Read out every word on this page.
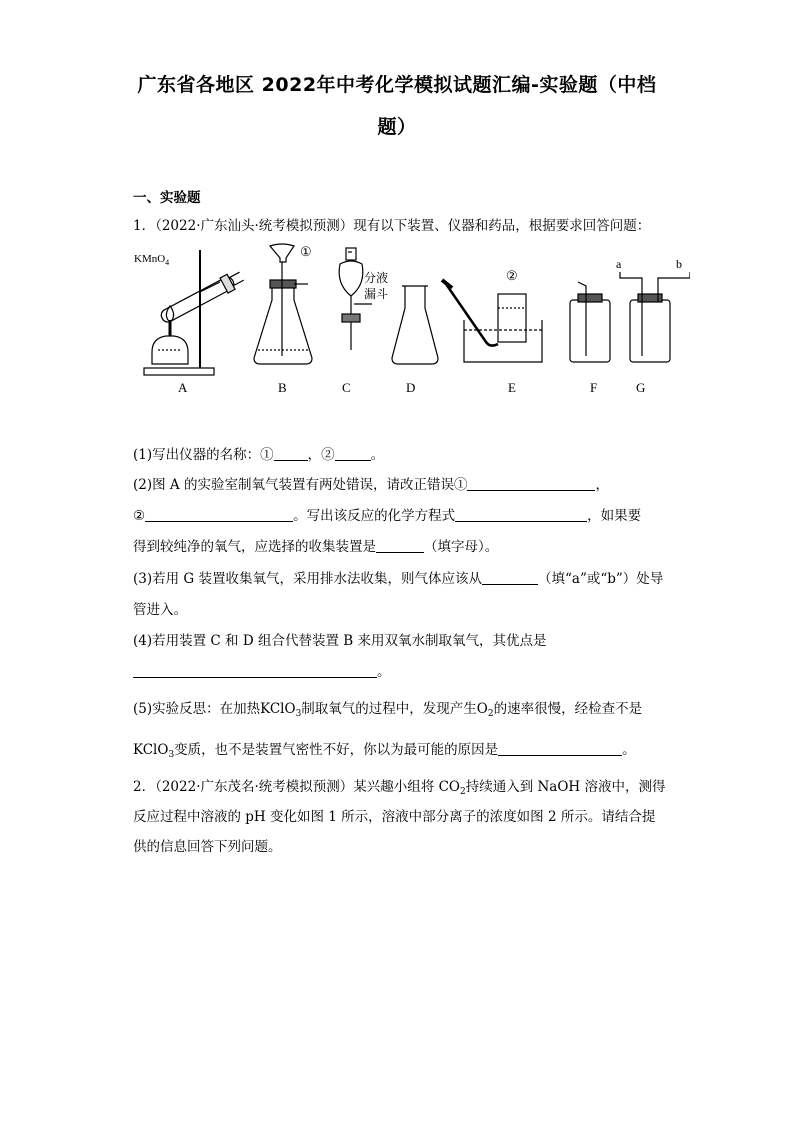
广东省各地区 2022年中考化学模拟试题汇编-实验题（中档
题）
一、实验题
1．（2022·广东汕头·统考模拟预测）现有以下装置、仪器和药品，根据要求回答问题：
KMnO$_4$
①
分液
漏斗
②
a	b
A	B	C	D	E	F	G
(1)写出仪器的名称：①	，②	。
(2)图 A 的实验室制氧气装置有两处错误，请改正错误①	，
②	。写出该反应的化学方程式	，如果要
得到较纯净的氧气，应选择的收集装置是	（填字母）。
(3)若用 G 装置收集氧气，采用排水法收集，则气体应该从	（填“a”或“b”）处导
管进入。
(4)若用装置 C 和 D 组合代替装置 B 来用双氧水制取氧气，其优点是
。
(5)实验反思：在加热KClO$_3$制取氧气的过程中，发现产生$O_2$的速率很慢，经检查不是
KClO$_3$变质，也不是装置气密性不好，你以为最可能的原因是	。
2．（2022·广东茂名·统考模拟预测）某兴趣小组将 $CO_2$持续通入到 NaOH 溶液中，测得
反应过程中溶液的 pH 变化如图 1 所示，溶液中部分离子的浓度如图 2 所示。请结合提
供的信息回答下列问题。
